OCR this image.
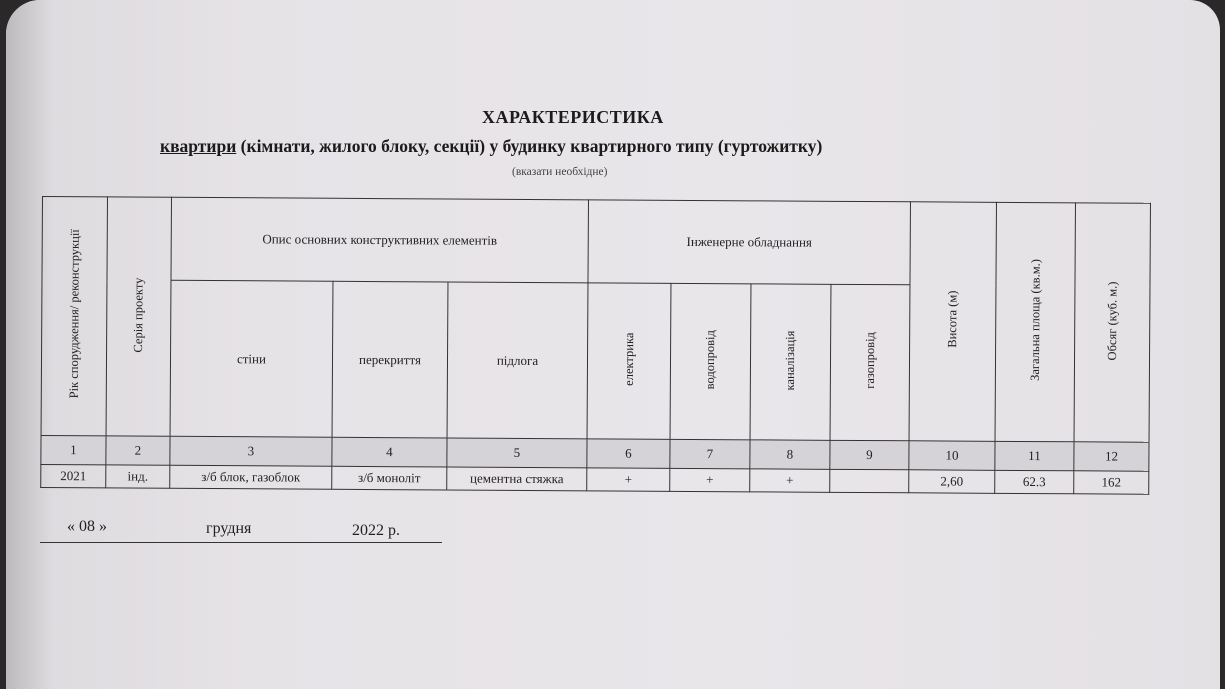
ХАРАКТЕРИСТИКА
квартири (кімнати, жилого блоку, секції) у будинку квартирного типу (гуртожитку)
(вказати необхідне)
Рік спорудження/ реконструкції	Серія проекту	Опис основних конструктивних елементів			Інженерне обладнання				Висота (м)	Загальна площа (кв.м.)	Обсяг (куб. м.)
		стіни	перекриття	підлога	електрика	водопровід	каналізація	газопровід			
1	2	3	4	5	6	7	8	9	10	11	12
2021	інд.	з/б блок, газоблок	з/б моноліт	цементна стяжка	+	+	+		2,60	62.3	162
« 08 »	грудня	2022 р.
